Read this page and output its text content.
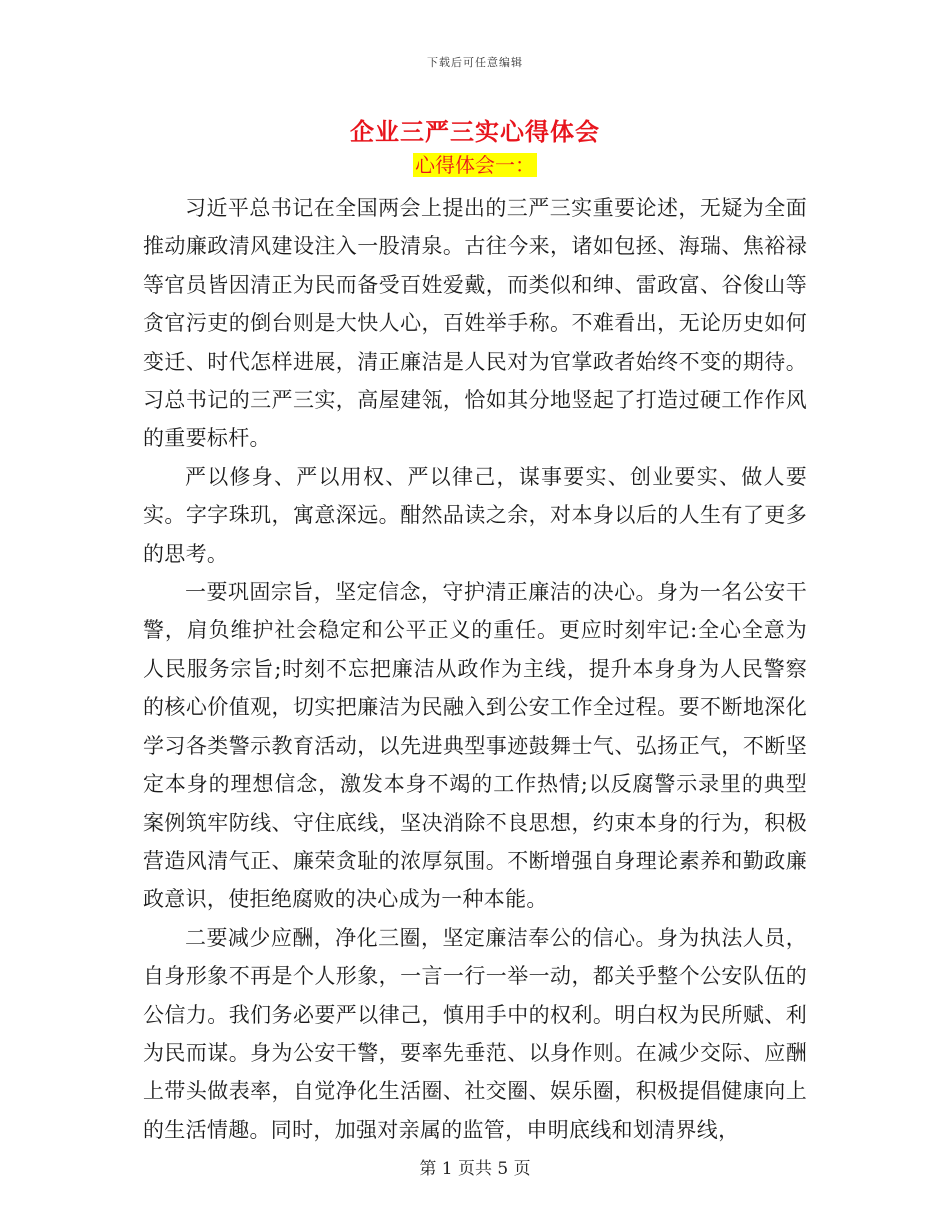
下载后可任意编辑
企业三严三实心得体会
心得体会一：

习近平总书记在全国两会上提出的三严三实重要论述，无疑为全面推动廉政清风建设注入一股清泉。古往今来，诸如包拯、海瑞、焦裕禄等官员皆因清正为民而备受百姓爱戴，而类似和绅、雷政富、谷俊山等贪官污吏的倒台则是大快人心，百姓举手称。不难看出，无论历史如何变迁、时代怎样进展，清正廉洁是人民对为官掌政者始终不变的期待。习总书记的三严三实，高屋建瓴，恰如其分地竖起了打造过硬工作作风的重要标杆。

严以修身、严以用权、严以律己，谋事要实、创业要实、做人要实。字字珠玑，寓意深远。酣然品读之余，对本身以后的人生有了更多的思考。

一要巩固宗旨，坚定信念，守护清正廉洁的决心。身为一名公安干警，肩负维护社会稳定和公平正义的重任。更应时刻牢记:全心全意为人民服务宗旨;时刻不忘把廉洁从政作为主线，提升本身身为人民警察的核心价值观，切实把廉洁为民融入到公安工作全过程。要不断地深化学习各类警示教育活动，以先进典型事迹鼓舞士气、弘扬正气，不断坚定本身的理想信念，激发本身不竭的工作热情;以反腐警示录里的典型案例筑牢防线、守住底线，坚决消除不良思想，约束本身的行为，积极营造风清气正、廉荣贪耻的浓厚氛围。不断增强自身理论素养和勤政廉政意识，使拒绝腐败的决心成为一种本能。

二要减少应酬，净化三圈，坚定廉洁奉公的信心。身为执法人员，自身形象不再是个人形象，一言一行一举一动，都关乎整个公安队伍的公信力。我们务必要严以律己，慎用手中的权利。明白权为民所赋、利为民而谋。身为公安干警，要率先垂范、以身作则。在减少交际、应酬上带头做表率，自觉净化生活圈、社交圈、娱乐圈，积极提倡健康向上的生活情趣。同时，加强对亲属的监管，申明底线和划清界线，

第 1 页共 5 页
